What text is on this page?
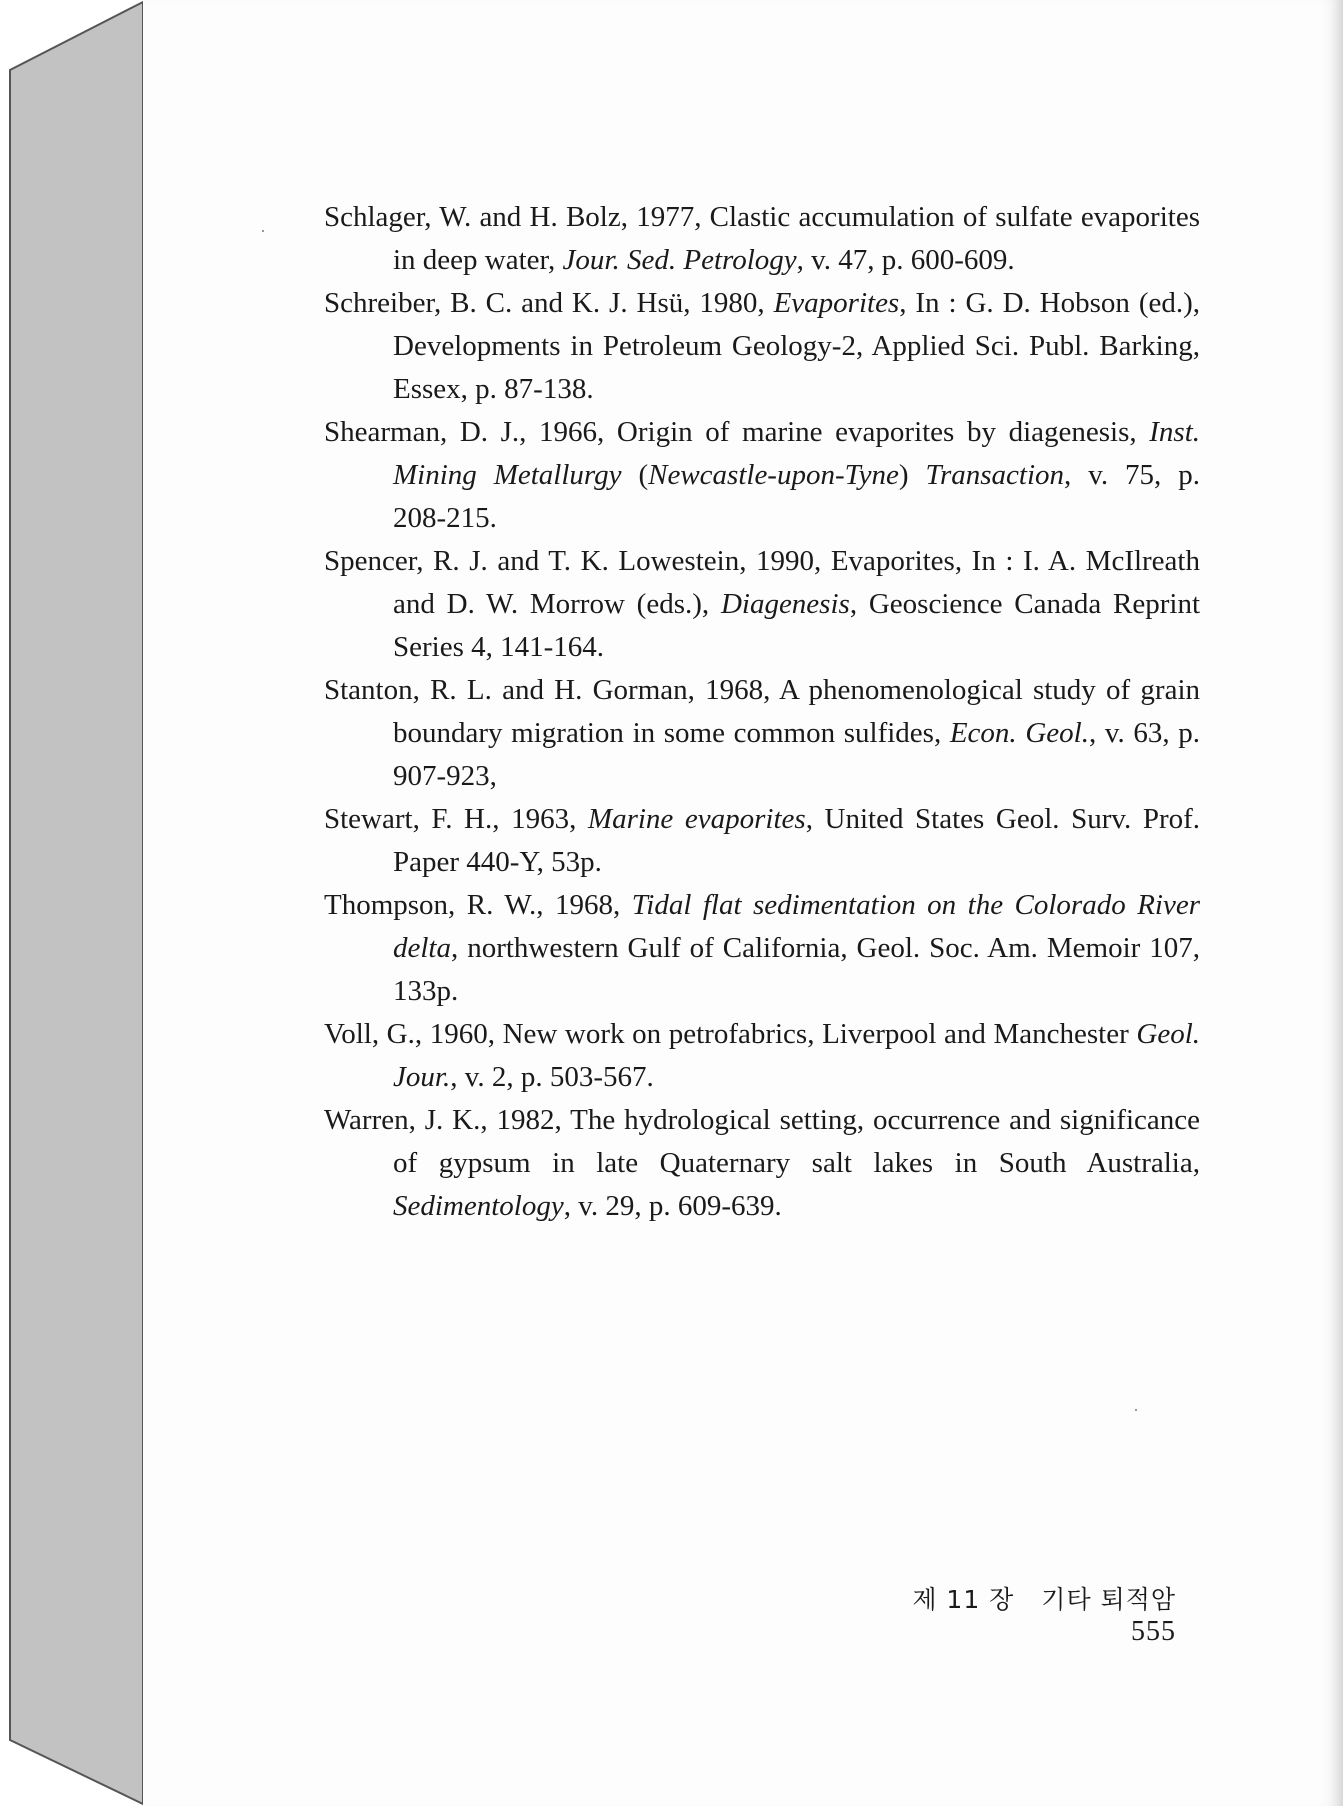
Schlager, W. and H. Bolz, 1977, Clastic accumulation of sulfate evaporites in deep water, Jour. Sed. Petrology, v. 47, p. 600-609.

Schreiber, B. C. and K. J. Hsü, 1980, Evaporites, In : G. D. Hobson (ed.), Developments in Petroleum Geology-2, Applied Sci. Publ. Barking, Essex, p. 87-138.

Shearman, D. J., 1966, Origin of marine evaporites by diagenesis, Inst. Mining Metallurgy (Newcastle-upon-Tyne) Transaction, v. 75, p. 208-215.

Spencer, R. J. and T. K. Lowestein, 1990, Evaporites, In : I. A. McIlreath and D. W. Morrow (eds.), Diagenesis, Geoscience Canada Reprint Series 4, 141-164.

Stanton, R. L. and H. Gorman, 1968, A phenomenological study of grain boundary migration in some common sulfides, Econ. Geol., v. 63, p. 907-923,

Stewart, F. H., 1963, Marine evaporites, United States Geol. Surv. Prof. Paper 440-Y, 53p.

Thompson, R. W., 1968, Tidal flat sedimentation on the Colorado River delta, northwestern Gulf of California, Geol. Soc. Am. Memoir 107, 133p.

Voll, G., 1960, New work on petrofabrics, Liverpool and Manchester Geol. Jour., v. 2, p. 503-567.

Warren, J. K., 1982, The hydrological setting, occurrence and significance of gypsum in late Quaternary salt lakes in South Australia, Sedimentology, v. 29, p. 609-639.

제 11 장 기타 퇴적암 555
